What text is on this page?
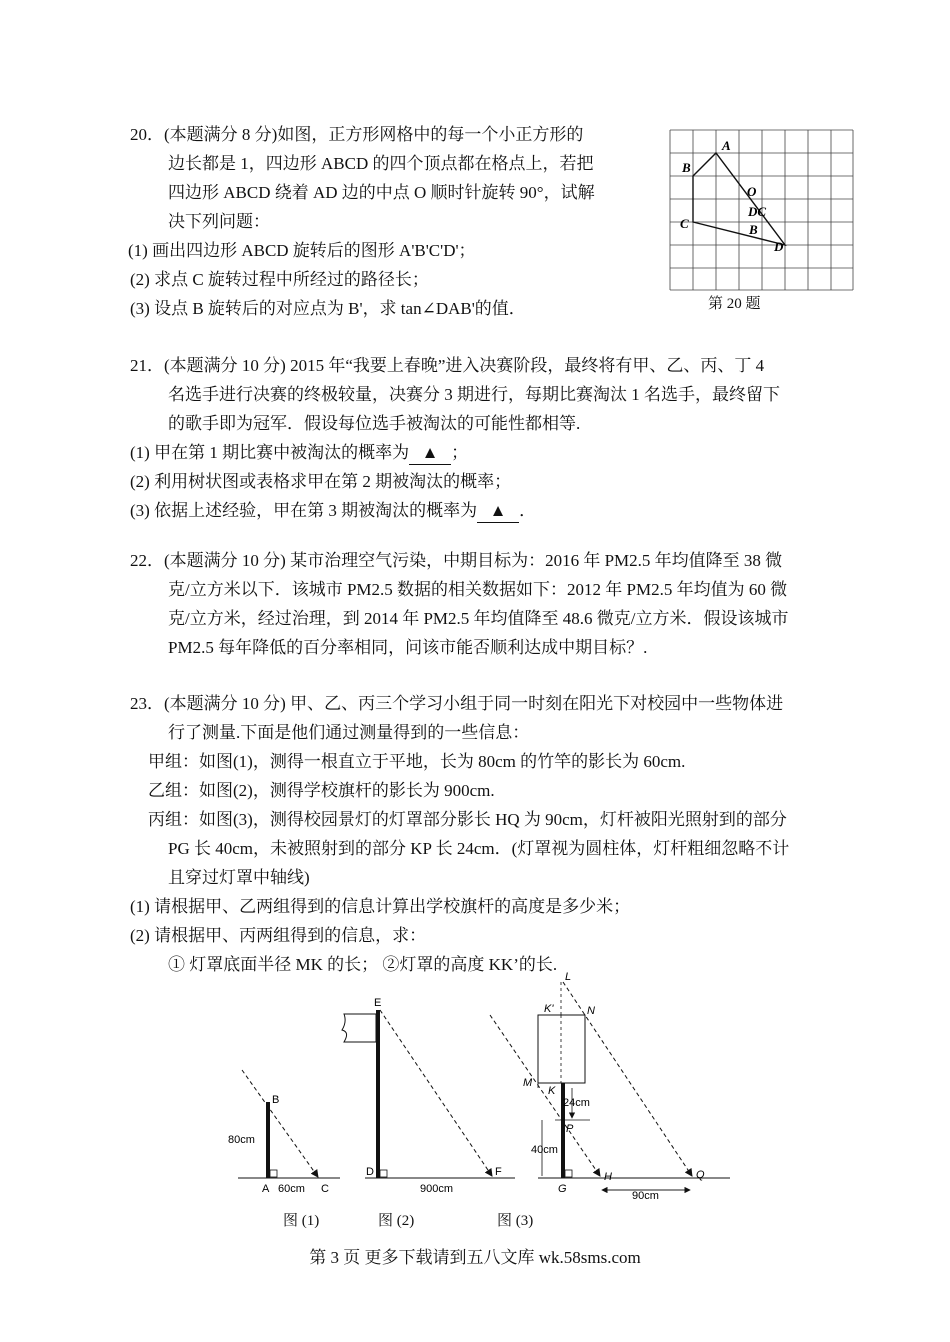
20．(本题满分 8 分)如图，正方形网格中的每一个小正方形的

边长都是 1，四边形 ABCD 的四个顶点都在格点上，若把

四边形 ABCD 绕着 AD 边的中点 O 顺时针旋转 90°，试解

决下列问题：

(1) 画出四边形 ABCD 旋转后的图形 A'B'C'D'；

(2) 求点 C 旋转过程中所经过的路径长；

(3) 设点 B 旋转后的对应点为 B'，求 tan∠DAB'的值．

A
B
C
O
DC
B
D
第 20 题

21．(本题满分 10 分) 2015 年“我要上春晚”进入决赛阶段，最终将有甲、乙、丙、丁 4

名选手进行决赛的终极较量，决赛分 3 期进行，每期比赛淘汰 1 名选手，最终留下

的歌手即为冠军．假设每位选手被淘汰的可能性都相等.

(1) 甲在第 1 期比赛中被淘汰的概率为 ▲ ；

(2) 利用树状图或表格求甲在第 2 期被淘汰的概率；

(3) 依据上述经验，甲在第 3 期被淘汰的概率为 ▲ ．

22．(本题满分 10 分) 某市治理空气污染，中期目标为：2016 年 PM2.5 年均值降至 38 微

克/立方米以下．该城市 PM2.5 数据的相关数据如下：2012 年 PM2.5 年均值为 60 微

克/立方米，经过治理，到 2014 年 PM2.5 年均值降至 48.6 微克/立方米．假设该城市

PM2.5 每年降低的百分率相同，问该市能否顺利达成中期目标？.

23．(本题满分 10 分) 甲、乙、丙三个学习小组于同一时刻在阳光下对校园中一些物体进

行了测量.下面是他们通过测量得到的一些信息：

甲组：如图(1)，测得一根直立于平地，长为 80cm 的竹竿的影长为 60cm.

乙组：如图(2)，测得学校旗杆的影长为 900cm.

丙组：如图(3)，测得校园景灯的灯罩部分影长 HQ 为 90cm，灯杆被阳光照射到的部分

PG 长 40cm，未被照射到的部分 KP 长 24cm．(灯罩视为圆柱体，灯杆粗细忽略不计

且穿过灯罩中轴线)

(1) 请根据甲、乙两组得到的信息计算出学校旗杆的高度是多少米；

(2) 请根据甲、丙两组得到的信息，求：

① 灯罩底面半径 MK 的长； ②灯罩的高度 KK’的长.

B
A	C
80cm
60cm
E
D	F
900cm
L
K'	N
M
K
P
G
H	Q
24cm
40cm
90cm
图 (1)	图 (2)	图 (3)
第 3 页 更多下载请到五八文库 wk.58sms.com
